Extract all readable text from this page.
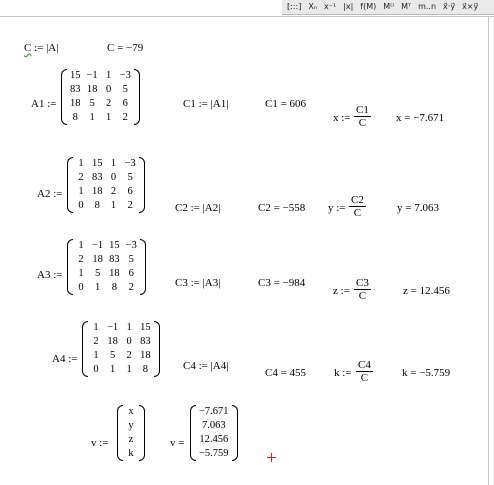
[:::] Xₙ x⁻¹ |x| f(M) M⁽⁾ Mᵀ m..n x⃗·y⃗ x⃗×y⃗
C := |A|	C = −79
A1 :=
15	−1	1	−3
83	18	0	5
18	5	2	6
8	1	1	2
C1 := |A1|	C1 = 606
x :=
C1
C	x = −7.671
A2 :=
1	15	1	−3
2	83	0	5
1	18	2	6
0	8	1	2	C2 := |A2|	C2 = −558 y :=
C2
C	y = 7.063
A3 :=
1	−1	15	−3
2	18	83	5
1	5	18	6
0	1	8	2	C3 := |A3|	C3 = −984
z :=
C3
C	z = 12.456
A4 :=
1	−1	1	15
2	18	0	83
1	5	2	18
0	1	1	8	C4 := |A4|
C4 = 455	k :=
C4
C	k = −5.759
v :=
x
y
z
k
v =
−7.671
7.063
12.456
−5.759
